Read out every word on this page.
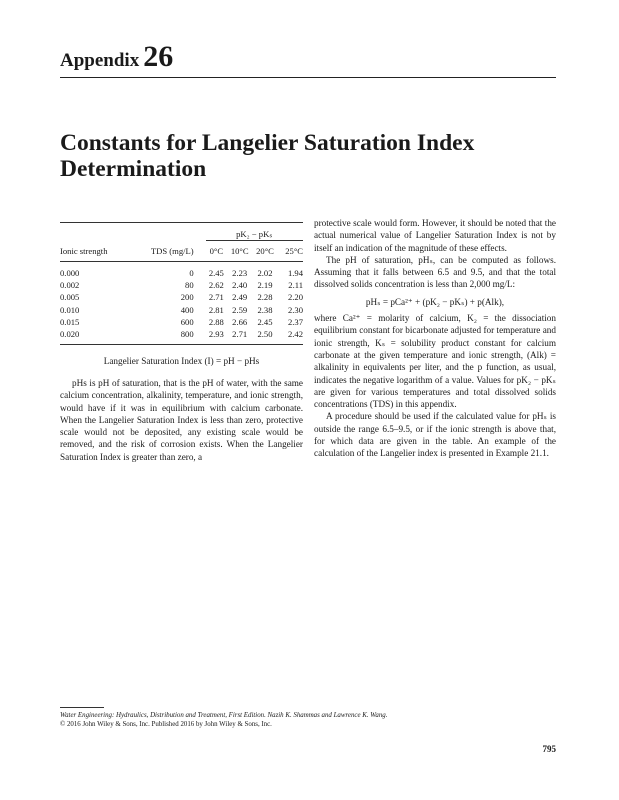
Appendix 26
Constants for Langelier Saturation Index Determination
		pK₂ − pKₛ			
Ionic strength	TDS (mg/L)	0°C	10°C	20°C	25°C
0.000	0	2.45	2.23	2.02	1.94
0.002	80	2.62	2.40	2.19	2.11
0.005	200	2.71	2.49	2.28	2.20
0.010	400	2.81	2.59	2.38	2.30
0.015	600	2.88	2.66	2.45	2.37
0.020	800	2.93	2.71	2.50	2.42
Langelier Saturation Index (I) = pH − pHs
pHs is pH of saturation, that is the pH of water, with the same calcium concentration, alkalinity, temperature, and ionic strength, would have if it was in equilibrium with calcium carbonate. When the Langelier Saturation Index is less than zero, protective scale would not be deposited, any existing scale would be removed, and the risk of corrosion exists. When the Langelier Saturation Index is greater than zero, a

protective scale would form. However, it should be noted that the actual numerical value of Langelier Saturation Index is not by itself an indication of the magnitude of these effects.

The pH of saturation, pHₛ, can be computed as follows. Assuming that it falls between 6.5 and 9.5, and that the total dissolved solids concentration is less than 2,000 mg/L:

pHₛ = pCa²⁺ + (pK₂ − pKₛ) + p(Alk),

where Ca²⁺ = molarity of calcium, K₂ = the dissociation equilibrium constant for bicarbonate adjusted for temperature and ionic strength, Kₛ = solubility product constant for calcium carbonate at the given temperature and ionic strength, (Alk) = alkalinity in equivalents per liter, and the p function, as usual, indicates the negative logarithm of a value. Values for pK₂ − pKₛ are given for various temperatures and total dissolved solids concentrations (TDS) in this appendix.

A procedure should be used if the calculated value for pHₛ is outside the range 6.5–9.5, or if the ionic strength is above that, for which data are given in the table. An example of the calculation of the Langelier index is presented in Example 21.1.

Water Engineering: Hydraulics, Distribution and Treatment, First Edition. Nazih K. Shammas and Lawrence K. Wang.
© 2016 John Wiley & Sons, Inc. Published 2016 by John Wiley & Sons, Inc.
795
